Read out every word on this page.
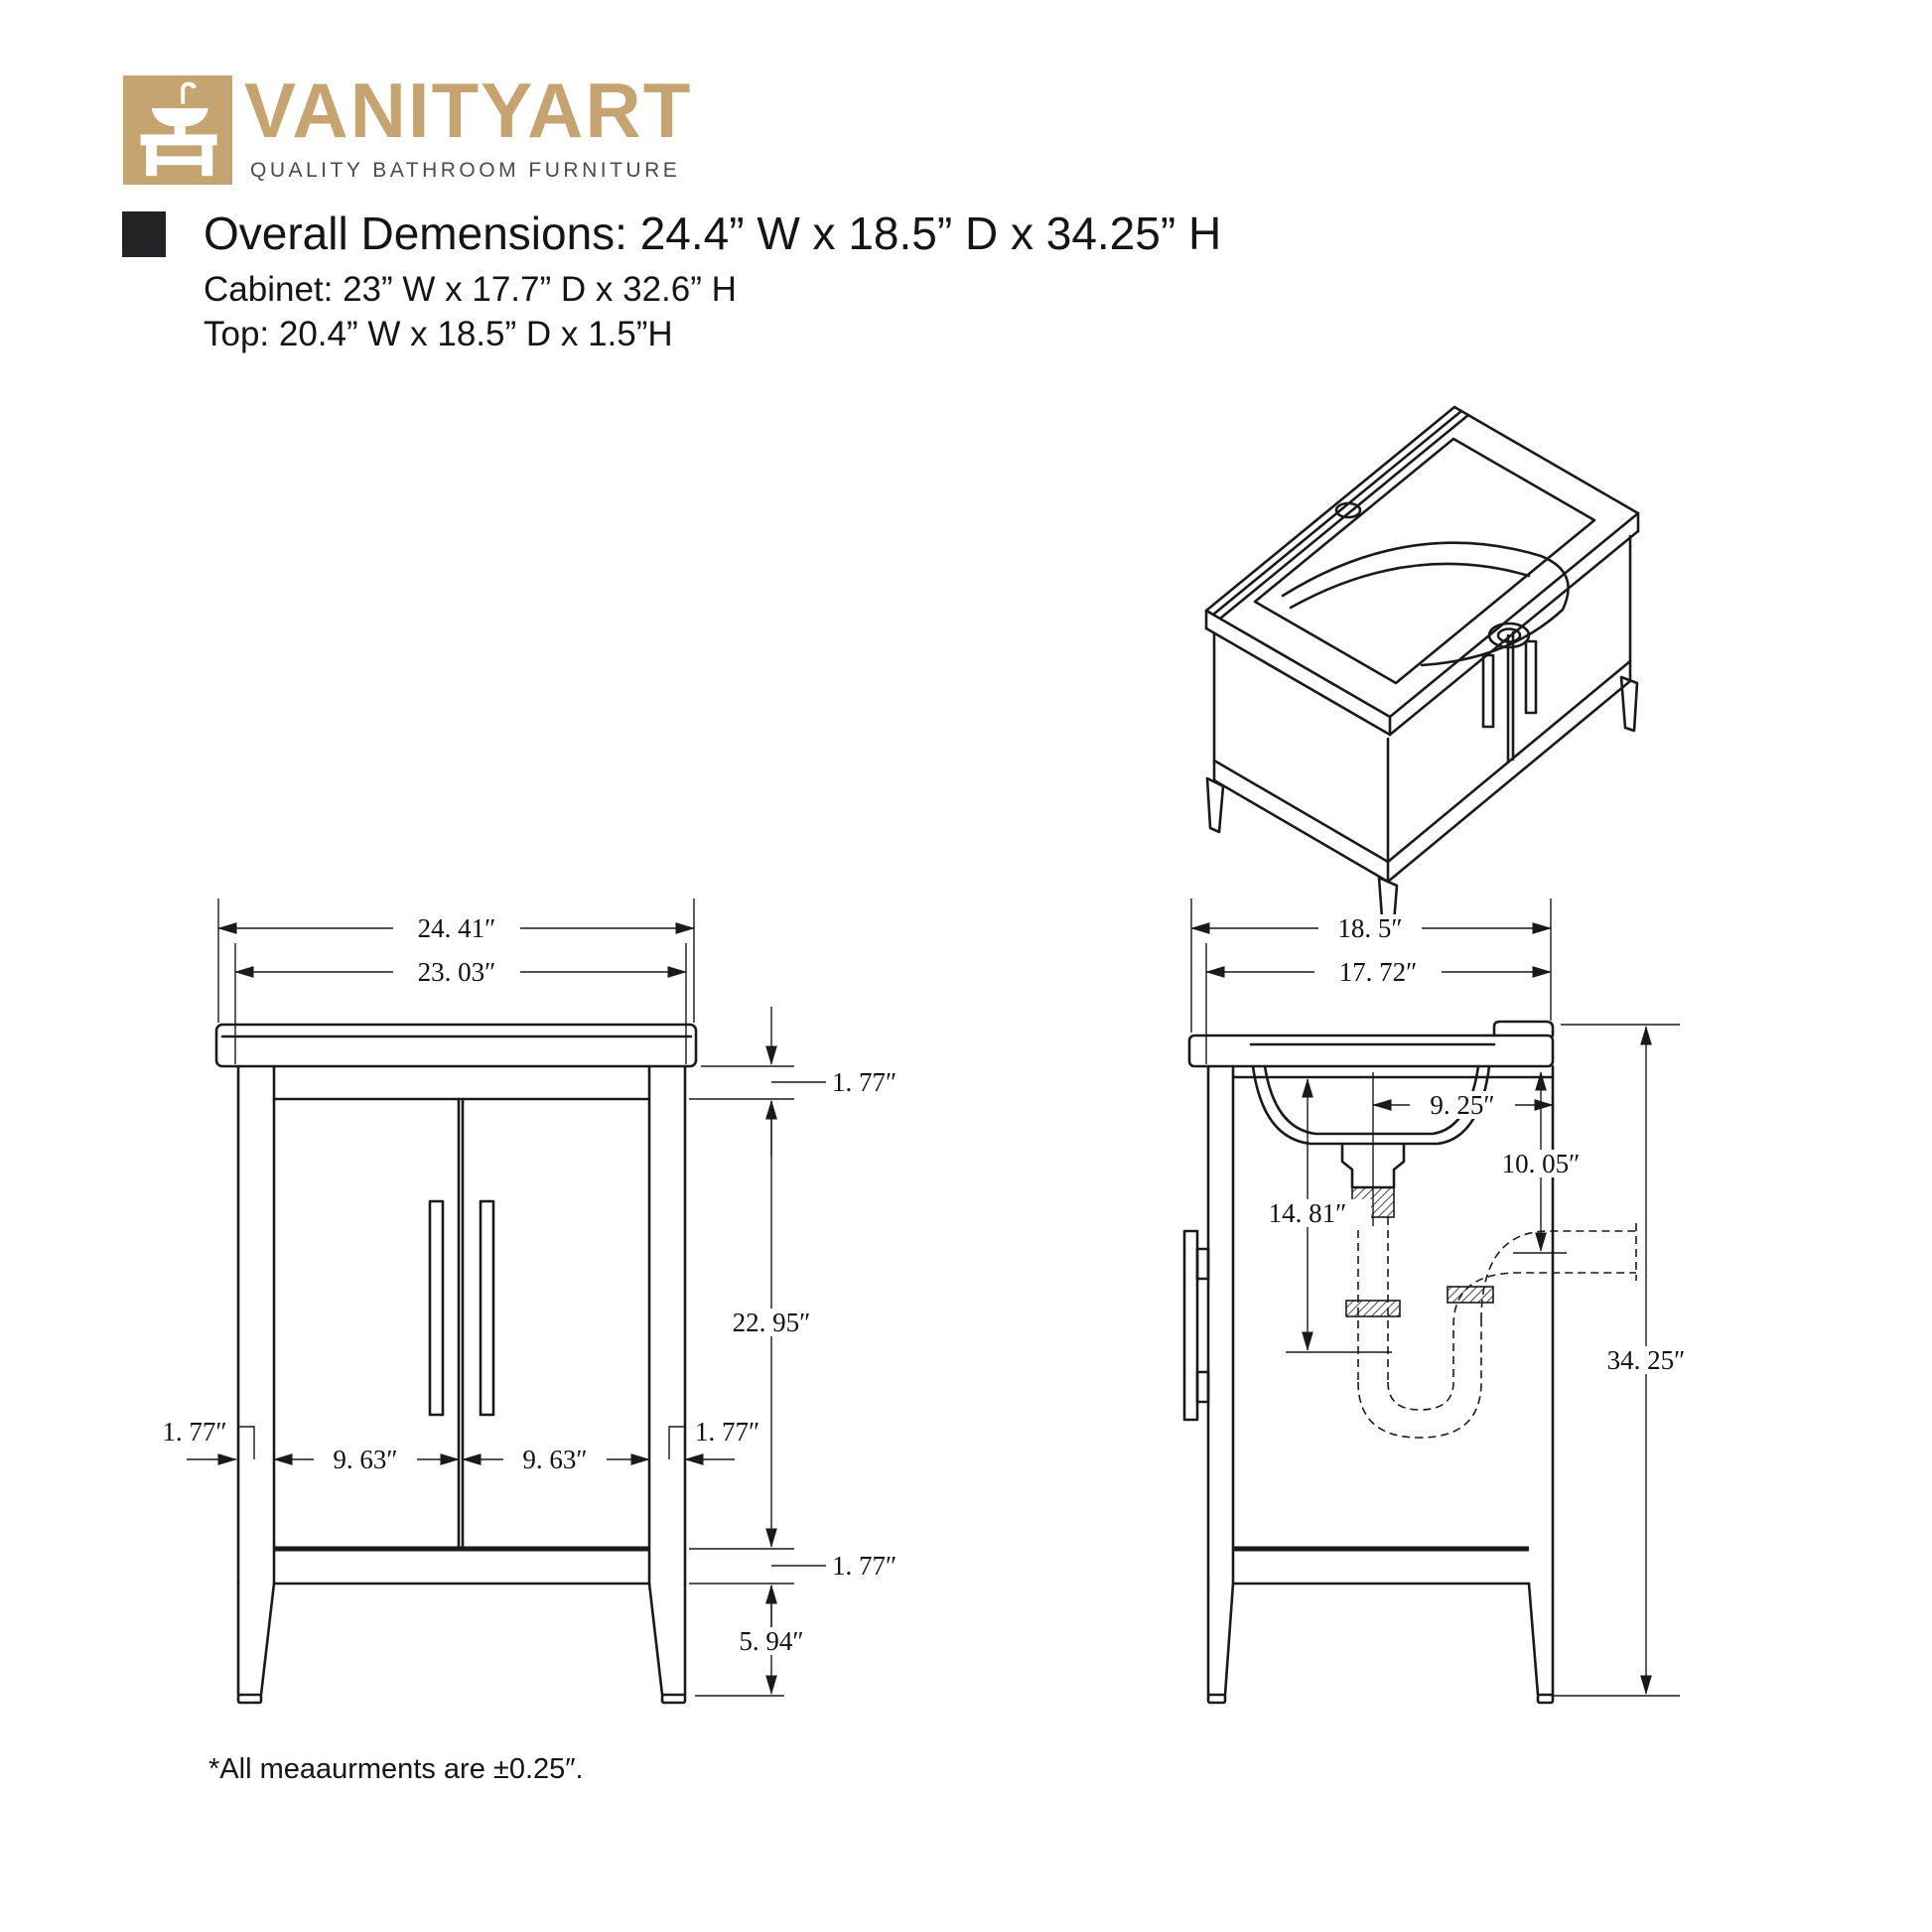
VANITYART
QUALITY BATHROOM FURNITURE
Overall Demensions: 24.4” W x 18.5” D x 34.25” H
Cabinet: 23” W x 17.7” D x 32.6” H
Top: 20.4” W x 18.5” D x 1.5”H
24. 41″
23. 03″
1. 77″
22. 95″
1. 77″
5. 94″
1. 77″	1. 77″
9. 63″	9. 63″
18. 5″
17. 72″
9. 25″
10. 05″
14. 81″
34. 25″
*All meaaurments are ±0.25″.
